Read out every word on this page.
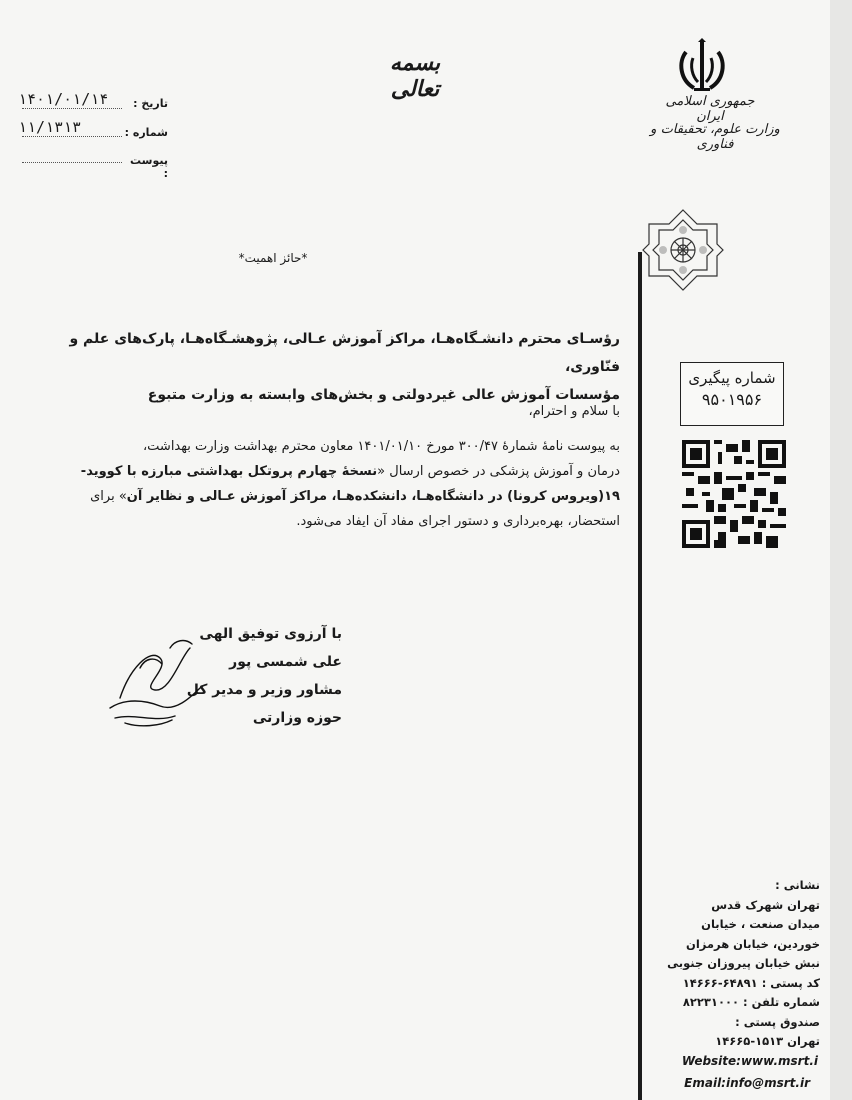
جمهوری اسلامی ایران
وزارت علوم، تحقیقات و فناوری
بسمه تعالی
تاریخ :
۱۴۰۱/۰۱/۱۴
شماره :
۱۱/۱۳۱۳
پیوست :
*حائز اهمیت*
رؤسـای محترم دانشـگاه‌هـا، مراکز آموزش عـالی، پژوهشـگاه‌هـا، پارک‌های علم و فنّاوری،
مؤسسات آموزش عالی غیردولتی و بخش‌های وابسته به وزارت متبوع
شماره پیگیری
۹۵۰۱۹۵۶
با سلام و احترام،
به پیوست نامهٔ شمارهٔ ۳۰۰/۴۷ مورخ ۱۴۰۱/۰۱/۱۰ معاون محترم بهداشت وزارت بهداشت،
درمان و آموزش پزشکی در خصوص ارسال «نسخهٔ چهارم پروتکل بهداشتی مبارزه با کووید-
۱۹(ویروس کرونا) در دانشگاه‌هـا، دانشکده‌هـا، مراکز آموزش عـالی و نظایر آن» برای
استحضار، بهره‌برداری و دستور اجرای مفاد آن ایفاد می‌شود.
با آرزوی توفیق الهی
علی شمسی پور
مشاور وزیر و مدیر کل حوزه وزارتی
نشانی :
تهران شهرک قدس
میدان صنعت ، خیابان
خوردین، خیابان هرمزان
نبش خیابان پیروزان جنوبی
کد پستی : ۶۴۸۹۱-۱۴۶۶۶
شماره تلفن : ۸۲۲۳۱۰۰۰
صندوق پستی :
تهران ۱۵۱۳-۱۴۶۶۵
Website:www.msrt.i
Email:info@msrt.ir
